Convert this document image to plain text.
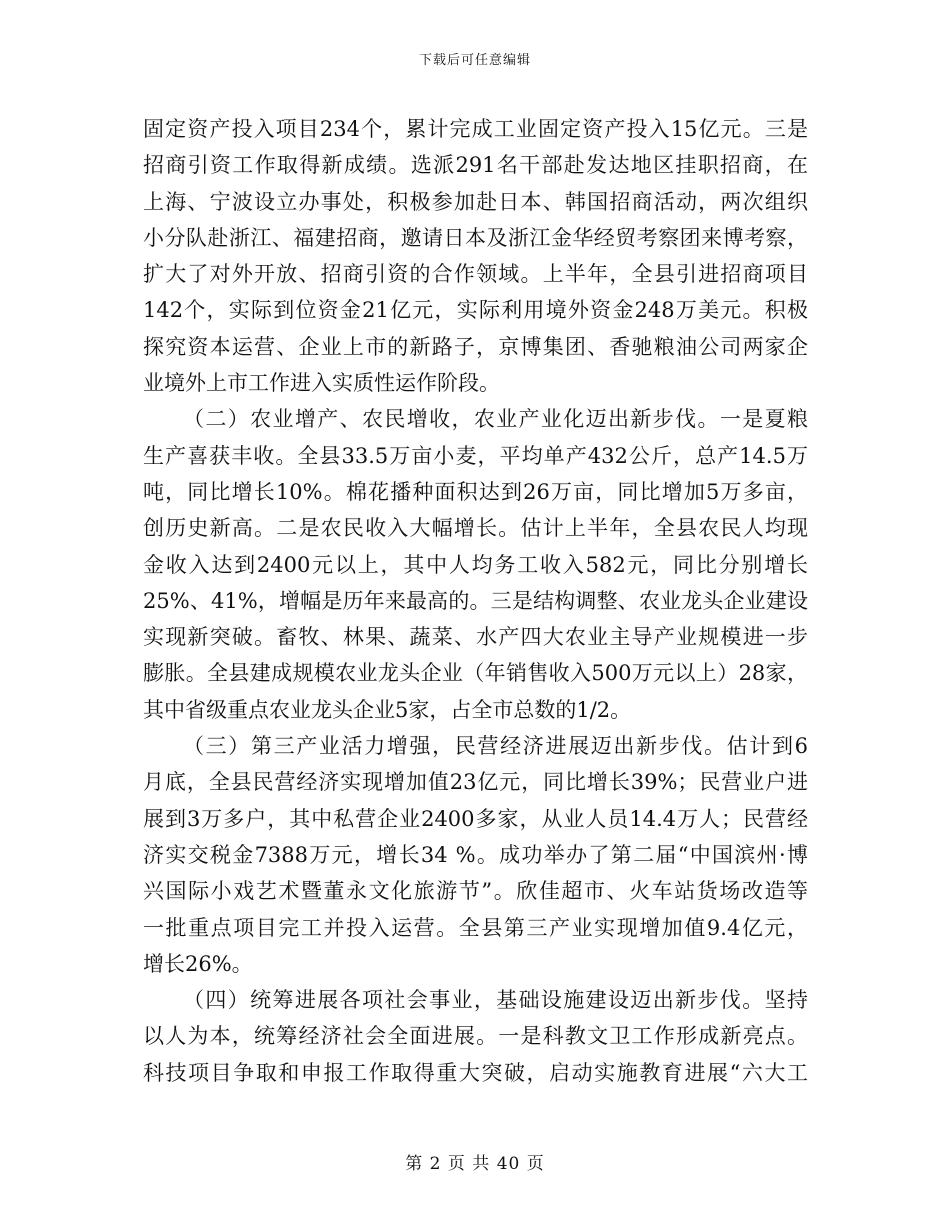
下载后可任意编辑
固定资产投入项目234个，累计完成工业固定资产投入15亿元。三是
招商引资工作取得新成绩。选派291名干部赴发达地区挂职招商，在
上海、宁波设立办事处，积极参加赴日本、韩国招商活动，两次组织
小分队赴浙江、福建招商，邀请日本及浙江金华经贸考察团来博考察，
扩大了对外开放、招商引资的合作领域。上半年，全县引进招商项目
142个，实际到位资金21亿元，实际利用境外资金248万美元。积极
探究资本运营、企业上市的新路子，京博集团、香驰粮油公司两家企
业境外上市工作进入实质性运作阶段。
（二）农业增产、农民增收，农业产业化迈出新步伐。一是夏粮
生产喜获丰收。全县33.5万亩小麦，平均单产432公斤，总产14.5万
吨，同比增长10%。棉花播种面积达到26万亩，同比增加5万多亩，
创历史新高。二是农民收入大幅增长。估计上半年，全县农民人均现
金收入达到2400元以上，其中人均务工收入582元，同比分别增长
25%、41%，增幅是历年来最高的。三是结构调整、农业龙头企业建设
实现新突破。畜牧、林果、蔬菜、水产四大农业主导产业规模进一步
膨胀。全县建成规模农业龙头企业（年销售收入500万元以上）28家，
其中省级重点农业龙头企业5家，占全市总数的1/2。
（三）第三产业活力增强，民营经济进展迈出新步伐。估计到6
月底，全县民营经济实现增加值23亿元，同比增长39%；民营业户进
展到3万多户，其中私营企业2400多家，从业人员14.4万人；民营经
济实交税金7388万元，增长34 %。成功举办了第二届“中国滨州·博
兴国际小戏艺术暨董永文化旅游节”。欣佳超市、火车站货场改造等
一批重点项目完工并投入运营。全县第三产业实现增加值9.4亿元，
增长26%。
（四）统筹进展各项社会事业，基础设施建设迈出新步伐。坚持
以人为本，统筹经济社会全面进展。一是科教文卫工作形成新亮点。
科技项目争取和申报工作取得重大突破，启动实施教育进展“六大工
第 2 页 共 40 页
